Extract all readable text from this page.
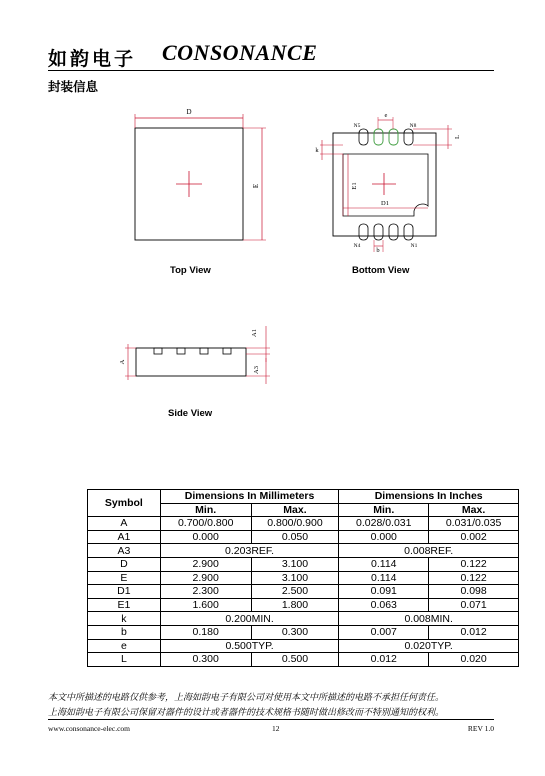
如韵电子 CONSONANCE
封装信息
D
E
N5	N8
N4	N1
e
k
L
E1
D1
b
A
A1
A3
Top View	Bottom View
Side View
Symbol	Dimensions In Millimeters		Dimensions In Inches	
	Min.	Max.	Min.	Max.
A	0.700/0.800	0.800/0.900	0.028/0.031	0.031/0.035
A1	0.000	0.050	0.000	0.002
A3	0.203REF.		0.008REF.	
D	2.900	3.100	0.114	0.122
E	2.900	3.100	0.114	0.122
D1	2.300	2.500	0.091	0.098
E1	1.600	1.800	0.063	0.071
k	0.200MIN.		0.008MIN.	
b	0.180	0.300	0.007	0.012
e	0.500TYP.		0.020TYP.	
L	0.300	0.500	0.012	0.020
本文中所描述的电路仅供参考，上海如韵电子有限公司对使用本文中所描述的电路不承担任何责任。
上海如韵电子有限公司保留对器件的设计或者器件的技术规格书随时做出修改而不特别通知的权利。
www.consonance-elec.com	12	REV 1.0
